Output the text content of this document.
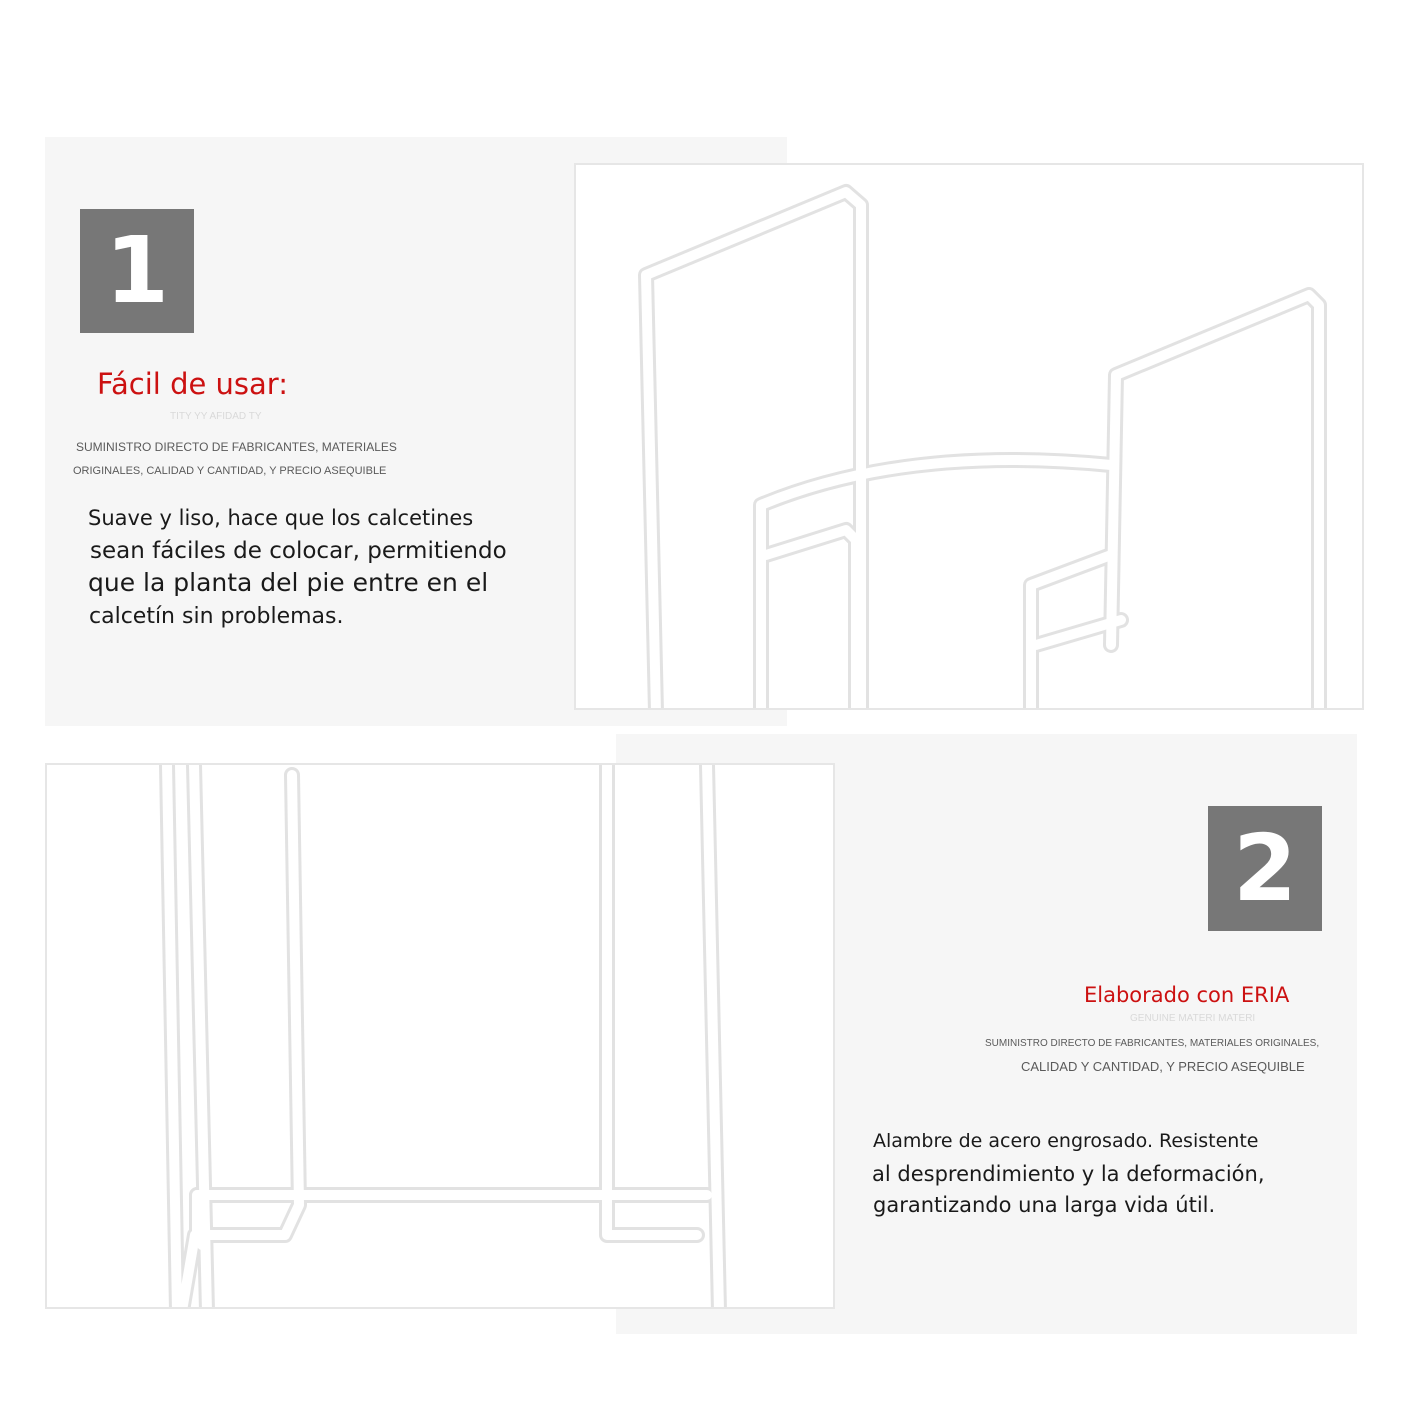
1
Fácil de usar:
TITY YY AFIDAD TY
SUMINISTRO DIRECTO DE FABRICANTES, MATERIALES
ORIGINALES, CALIDAD Y CANTIDAD, Y PRECIO ASEQUIBLE
Suave y liso, hace que los calcetines
sean fáciles de colocar, permitiendo
que la planta del pie entre en el
calcetín sin problemas.
2
Elaborado con ERIA
GENUINE MATERI MATERI
SUMINISTRO DIRECTO DE FABRICANTES, MATERIALES ORIGINALES,
CALIDAD Y CANTIDAD, Y PRECIO ASEQUIBLE
Alambre de acero engrosado. Resistente
al desprendimiento y la deformación,
garantizando una larga vida útil.
